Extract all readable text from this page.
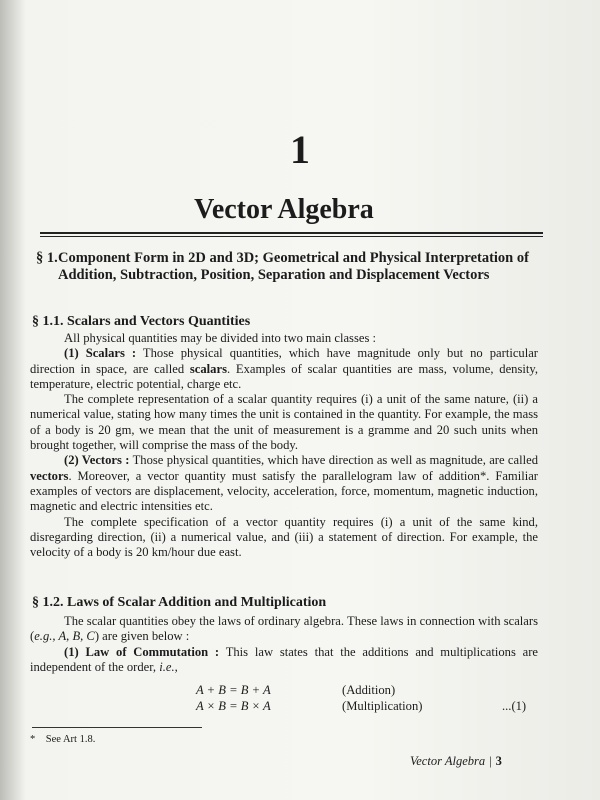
1
Vector Algebra
§ 1.Component Form in 2D and 3D; Geometrical and Physical Interpretation of Addition, Subtraction, Position, Separation and Displacement Vectors
§ 1.1. Scalars and Vectors Quantities

All physical quantities may be divided into two main classes :

(1) Scalars : Those physical quantities, which have magnitude only but no particular direction in space, are called scalars. Examples of scalar quantities are mass, volume, density, temperature, electric potential, charge etc.

The complete representation of a scalar quantity requires (i) a unit of the same nature, (ii) a numerical value, stating how many times the unit is contained in the quantity. For example, the mass of a body is 20 gm, we mean that the unit of measurement is a gramme and 20 such units when brought together, will comprise the mass of the body.

(2) Vectors : Those physical quantities, which have direction as well as magnitude, are called vectors. Moreover, a vector quantity must satisfy the parallelogram law of addition*. Familiar examples of vectors are displacement, velocity, acceleration, force, momentum, magnetic induction, magnetic and electric intensities etc.

The complete specification of a vector quantity requires (i) a unit of the same kind, disregarding direction, (ii) a numerical value, and (iii) a statement of direction. For example, the velocity of a body is 20 km/hour due east.

§ 1.2. Laws of Scalar Addition and Multiplication

The scalar quantities obey the laws of ordinary algebra. These laws in connection with scalars (e.g., A, B, C) are given below :

(1) Law of Commutation : This law states that the additions and multiplications are independent of the order, i.e.,

A + B = B + A	(Addition)
A × B = B × A	(Multiplication)	...(1)
* See Art 1.8.
Vector Algebra | 3
